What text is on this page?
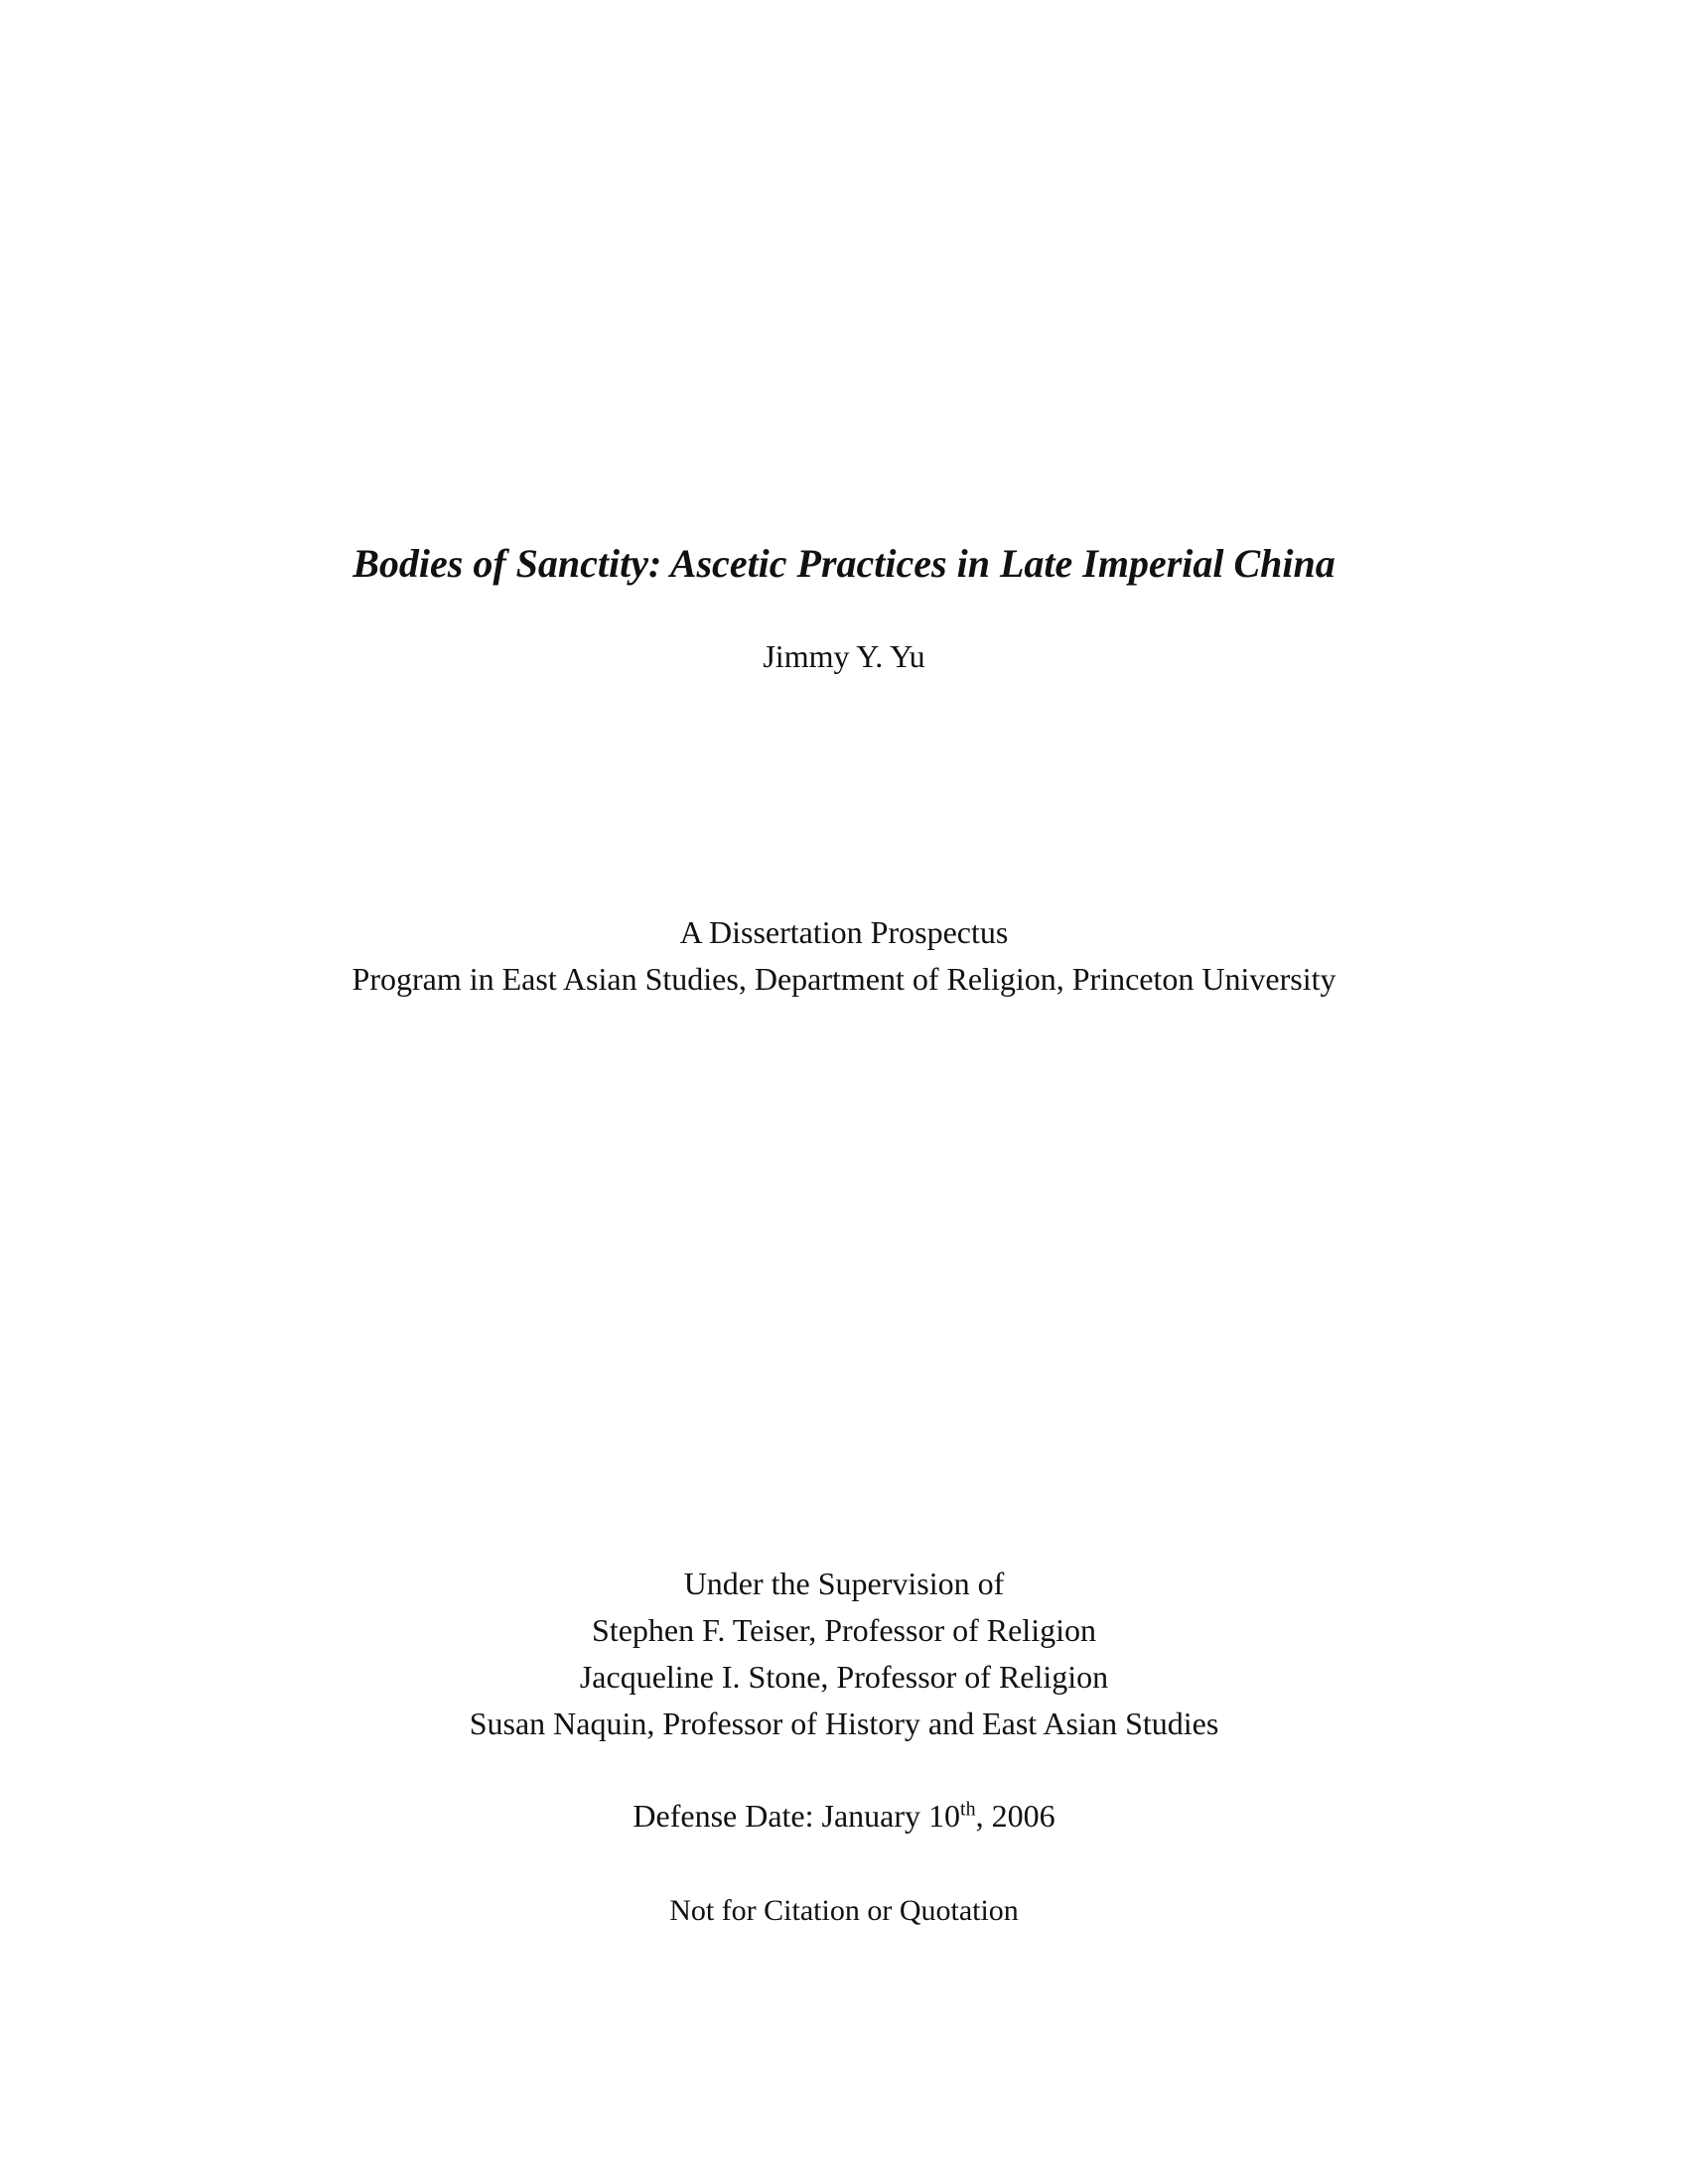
Bodies of Sanctity: Ascetic Practices in Late Imperial China
Jimmy Y. Yu
A Dissertation Prospectus
Program in East Asian Studies, Department of Religion, Princeton University
Under the Supervision of
Stephen F. Teiser, Professor of Religion
Jacqueline I. Stone, Professor of Religion
Susan Naquin, Professor of History and East Asian Studies
Defense Date: January 10th, 2006
Not for Citation or Quotation
